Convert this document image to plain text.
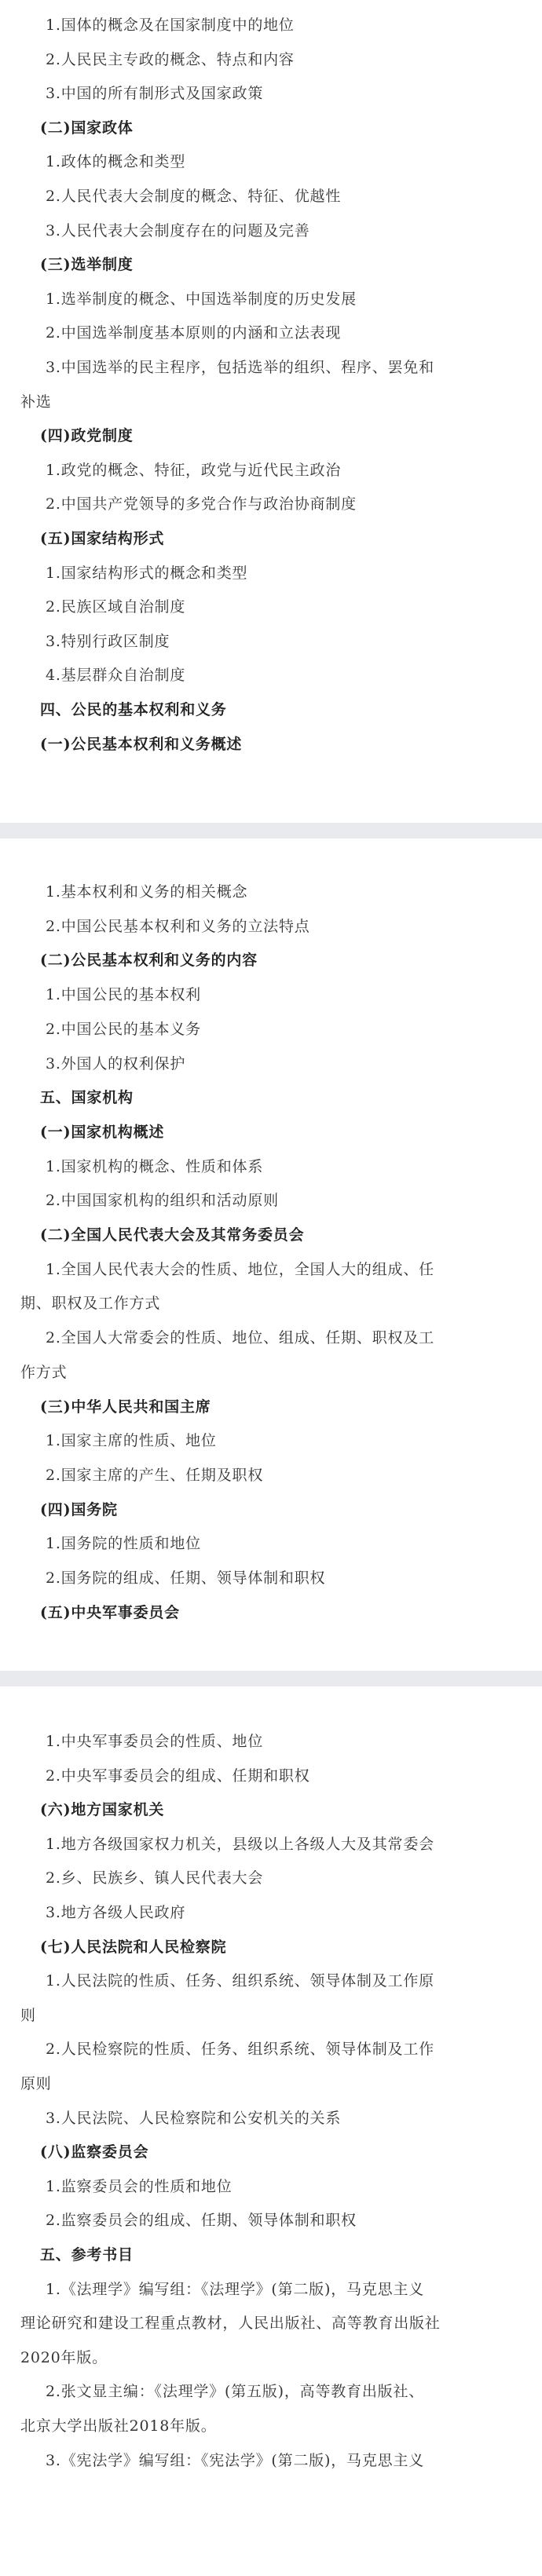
1.国体的概念及在国家制度中的地位
2.人民民主专政的概念、特点和内容
3.中国的所有制形式及国家政策
(二)国家政体
1.政体的概念和类型
2.人民代表大会制度的概念、特征、优越性
3.人民代表大会制度存在的问题及完善
(三)选举制度
1.选举制度的概念、中国选举制度的历史发展
2.中国选举制度基本原则的内涵和立法表现
3.中国选举的民主程序，包括选举的组织、程序、罢免和
补选
(四)政党制度
1.政党的概念、特征，政党与近代民主政治
2.中国共产党领导的多党合作与政治协商制度
(五)国家结构形式
1.国家结构形式的概念和类型
2.民族区域自治制度
3.特别行政区制度
4.基层群众自治制度
四、公民的基本权利和义务
(一)公民基本权利和义务概述
1.基本权利和义务的相关概念
2.中国公民基本权利和义务的立法特点
(二)公民基本权利和义务的内容
1.中国公民的基本权利
2.中国公民的基本义务
3.外国人的权利保护
五、国家机构
(一)国家机构概述
1.国家机构的概念、性质和体系
2.中国国家机构的组织和活动原则
(二)全国人民代表大会及其常务委员会
1.全国人民代表大会的性质、地位，全国人大的组成、任
期、职权及工作方式
2.全国人大常委会的性质、地位、组成、任期、职权及工
作方式
(三)中华人民共和国主席
1.国家主席的性质、地位
2.国家主席的产生、任期及职权
(四)国务院
1.国务院的性质和地位
2.国务院的组成、任期、领导体制和职权
(五)中央军事委员会
1.中央军事委员会的性质、地位
2.中央军事委员会的组成、任期和职权
(六)地方国家机关
1.地方各级国家权力机关，县级以上各级人大及其常委会
2.乡、民族乡、镇人民代表大会
3.地方各级人民政府
(七)人民法院和人民检察院
1.人民法院的性质、任务、组织系统、领导体制及工作原
则
2.人民检察院的性质、任务、组织系统、领导体制及工作
原则
3.人民法院、人民检察院和公安机关的关系
(八)监察委员会
1.监察委员会的性质和地位
2.监察委员会的组成、任期、领导体制和职权
五、参考书目
1.《法理学》编写组：《法理学》(第二版)，马克思主义
理论研究和建设工程重点教材，人民出版社、高等教育出版社
2020年版。
2.张文显主编：《法理学》(第五版)，高等教育出版社、
北京大学出版社2018年版。
3.《宪法学》编写组：《宪法学》(第二版)，马克思主义
